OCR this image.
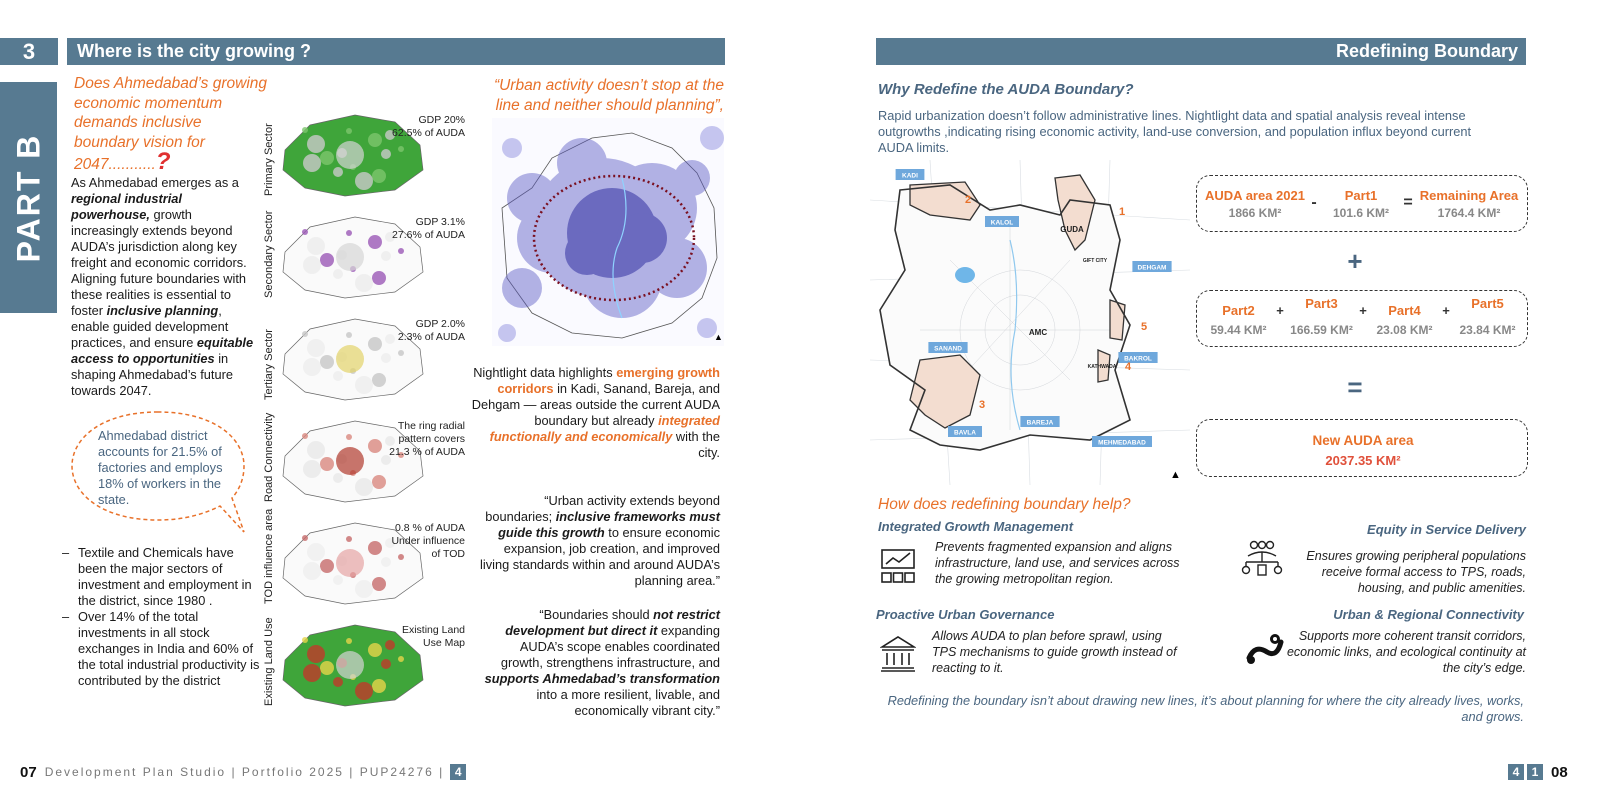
3	Where is the city growing ?
PART B
Does Ahmedabad’s growing economic momentum demands inclusive boundary vision for 2047...........?
As Ahmedabad emerges as a regional industrial powerhouse, growth increasingly extends beyond AUDA’s jurisdiction along key freight and economic corridors. Aligning future boundaries with these realities is essential to foster inclusive planning, enable guided development practices, and ensure equitable access to opportunities in shaping Ahmedabad’s future towards 2047.
Ahmedabad district accounts for 21.5% of factories and employs 18% of workers in the state.
– Textile and Chemicals have been the major sectors of investment and employment in the district, since 1980 .
– Over 14% of the total investments in all stock exchanges in India and 60% of the total industrial productivity is contributed by the district
Primary Sector
GDP 20%
62.5% of AUDA
Secondary Sector	GDP 3.1%
27.6% of AUDA
Tertiary Sector
GDP 2.0%
2.3% of AUDA
Road Connectivity	The ring radial
pattern covers
21.3 % of AUDA
TOD influence area	0.8 % of AUDA
Under influence
of TOD
Existing Land Use	Existing Land
Use Map
“Urban activity doesn’t stop at the line and neither should planning”,
▲
Nightlight data highlights emerging growth corridors in Kadi, Sanand, Bareja, and Dehgam — areas outside the current AUDA boundary but already integrated functionally and economically with the city.
“Urban activity extends beyond boundaries; inclusive frameworks must guide this growth to ensure economic expansion, job creation, and improved living standards within and around AUDA’s planning area.”
“Boundaries should not restrict development but direct it expanding AUDA’s scope enables coordinated growth, strengthens infrastructure, and supports Ahmedabad’s transformation into a more resilient, livable, and economically vibrant city.”
07 Development Plan Studio | Portfolio 2025 | PUP24276 | 4
Redefining Boundary
Why Redefine the AUDA Boundary?
Rapid urbanization doesn’t follow administrative lines. Nightlight data and spatial analysis reveal intense outgrowths ,indicating rising economic activity, land-use conversion, and population influx beyond current AUDA limits.
KADI
KALOL
DEHGAM
SANAND
BAKROL
BAREJA
BAVLA
MEHMEDABAD
GUDA
AMC
GIFT CITY
KATHWADA
1
2
3
4
5
▲
AUDA area 2021
1866 KM²
-	Part1
101.6 KM²
= Remaining Area
1764.4 KM²
+
Part2
59.44 KM²
+	Part3
166.59 KM²
+	Part4
23.08 KM²
+	Part5
23.84 KM²
=
New AUDA area
2037.35 KM²
How does redefining boundary help?
Integrated Growth Management
Prevents fragmented expansion and aligns infrastructure, land use, and services across the growing metropolitan region.
Equity in Service Delivery
Ensures growing peripheral populations receive formal access to TPS, roads, housing, and public amenities.
Proactive Urban Governance
Allows AUDA to plan before sprawl, using TPS mechanisms to guide growth instead of reacting to it.
Urban & Regional Connectivity
Supports more coherent transit corridors, economic links, and ecological continuity at the city’s edge.
Redefining the boundary isn’t about drawing new lines, it’s about planning for where the city already lives, works, and grows.
4	1 08
